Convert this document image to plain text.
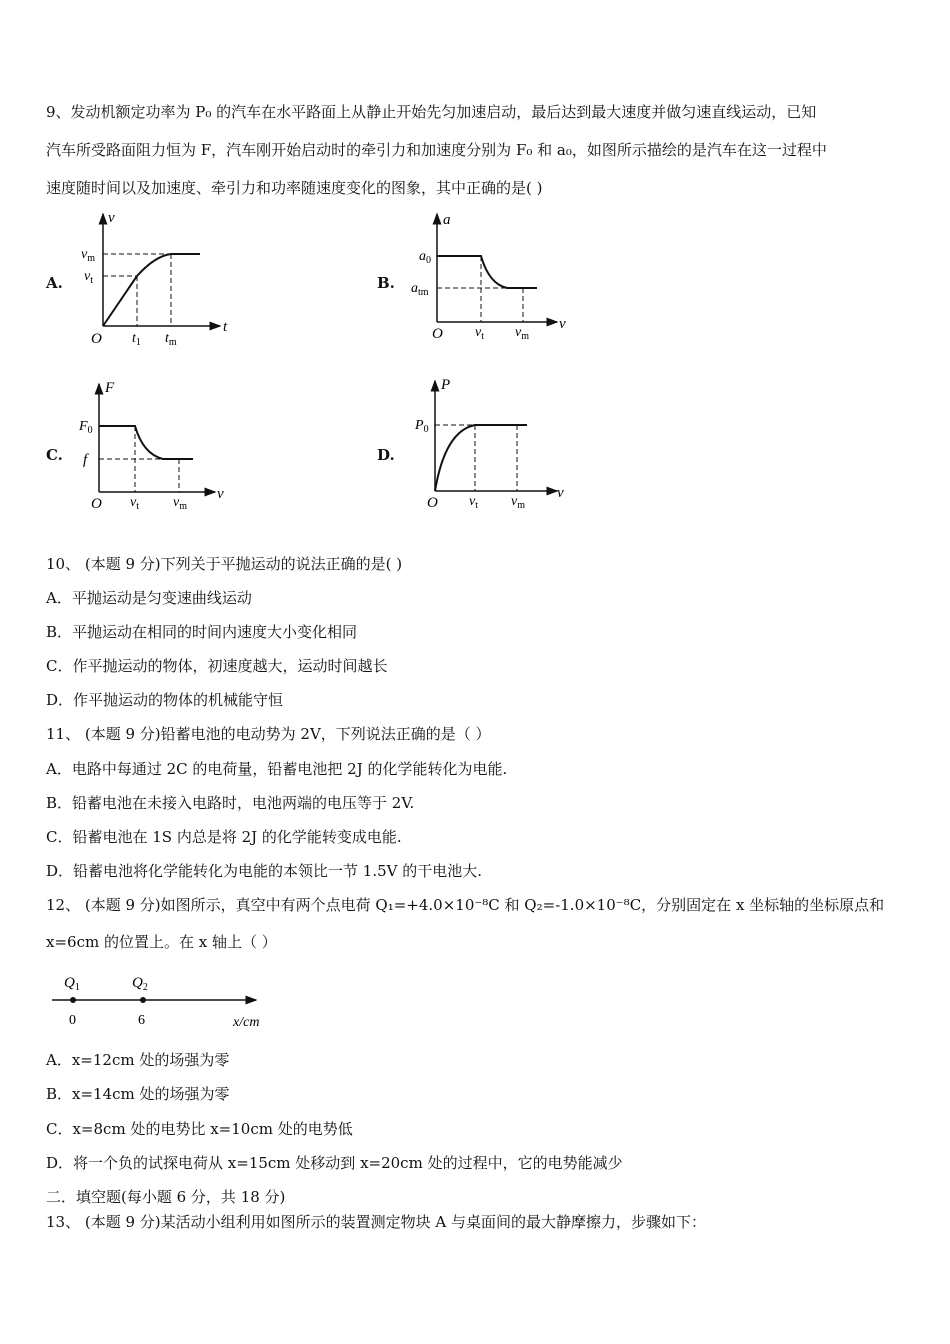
9、发动机额定功率为 P₀ 的汽车在水平路面上从静止开始先匀加速启动，最后达到最大速度并做匀速直线运动，已知
汽车所受路面阻力恒为 F，汽车刚开始启动时的牵引力和加速度分别为 F₀ 和 a₀，如图所示描绘的是汽车在这一过程中
速度随时间以及加速度、牵引力和功率随速度变化的图象，其中正确的是( )
A.	B.
C.	D.
v
t
O
$v_m$
$v_t$
$t_1$ $t_m$
a
v
O
$a_0$
$a_{tm}$
$v_t$ $v_m$
F
v
O
$F_0$
f
$v_t$ $v_m$
P
v
O
$P_0$
$v_t$ $v_m$
10、 (本题 9 分)下列关于平抛运动的说法正确的是( )
A．平抛运动是匀变速曲线运动
B．平抛运动在相同的时间内速度大小变化相同
C．作平抛运动的物体，初速度越大，运动时间越长
D．作平抛运动的物体的机械能守恒
11、 (本题 9 分)铅蓄电池的电动势为 2V，下列说法正确的是（ ）
A．电路中每通过 2C 的电荷量，铅蓄电池把 2J 的化学能转化为电能.
B．铅蓄电池在未接入电路时，电池两端的电压等于 2V.
C．铅蓄电池在 1S 内总是将 2J 的化学能转变成电能.
D．铅蓄电池将化学能转化为电能的本领比一节 1.5V 的干电池大.
12、 (本题 9 分)如图所示，真空中有两个点电荷 Q₁=+4.0×10⁻⁸C 和 Q₂=-1.0×10⁻⁸C，分别固定在 x 坐标轴的坐标原点和
x=6cm 的位置上。在 x 轴上（ ）
$Q_1$	$Q_2$
0	6	x/cm
A．x=12cm 处的场强为零
B．x=14cm 处的场强为零
C．x=8cm 处的电势比 x=10cm 处的电势低
D．将一个负的试探电荷从 x=15cm 处移动到 x=20cm 处的过程中，它的电势能减少
二．填空题(每小题 6 分，共 18 分)
13、 (本题 9 分)某活动小组利用如图所示的装置测定物块 A 与桌面间的最大静摩擦力，步骤如下：
